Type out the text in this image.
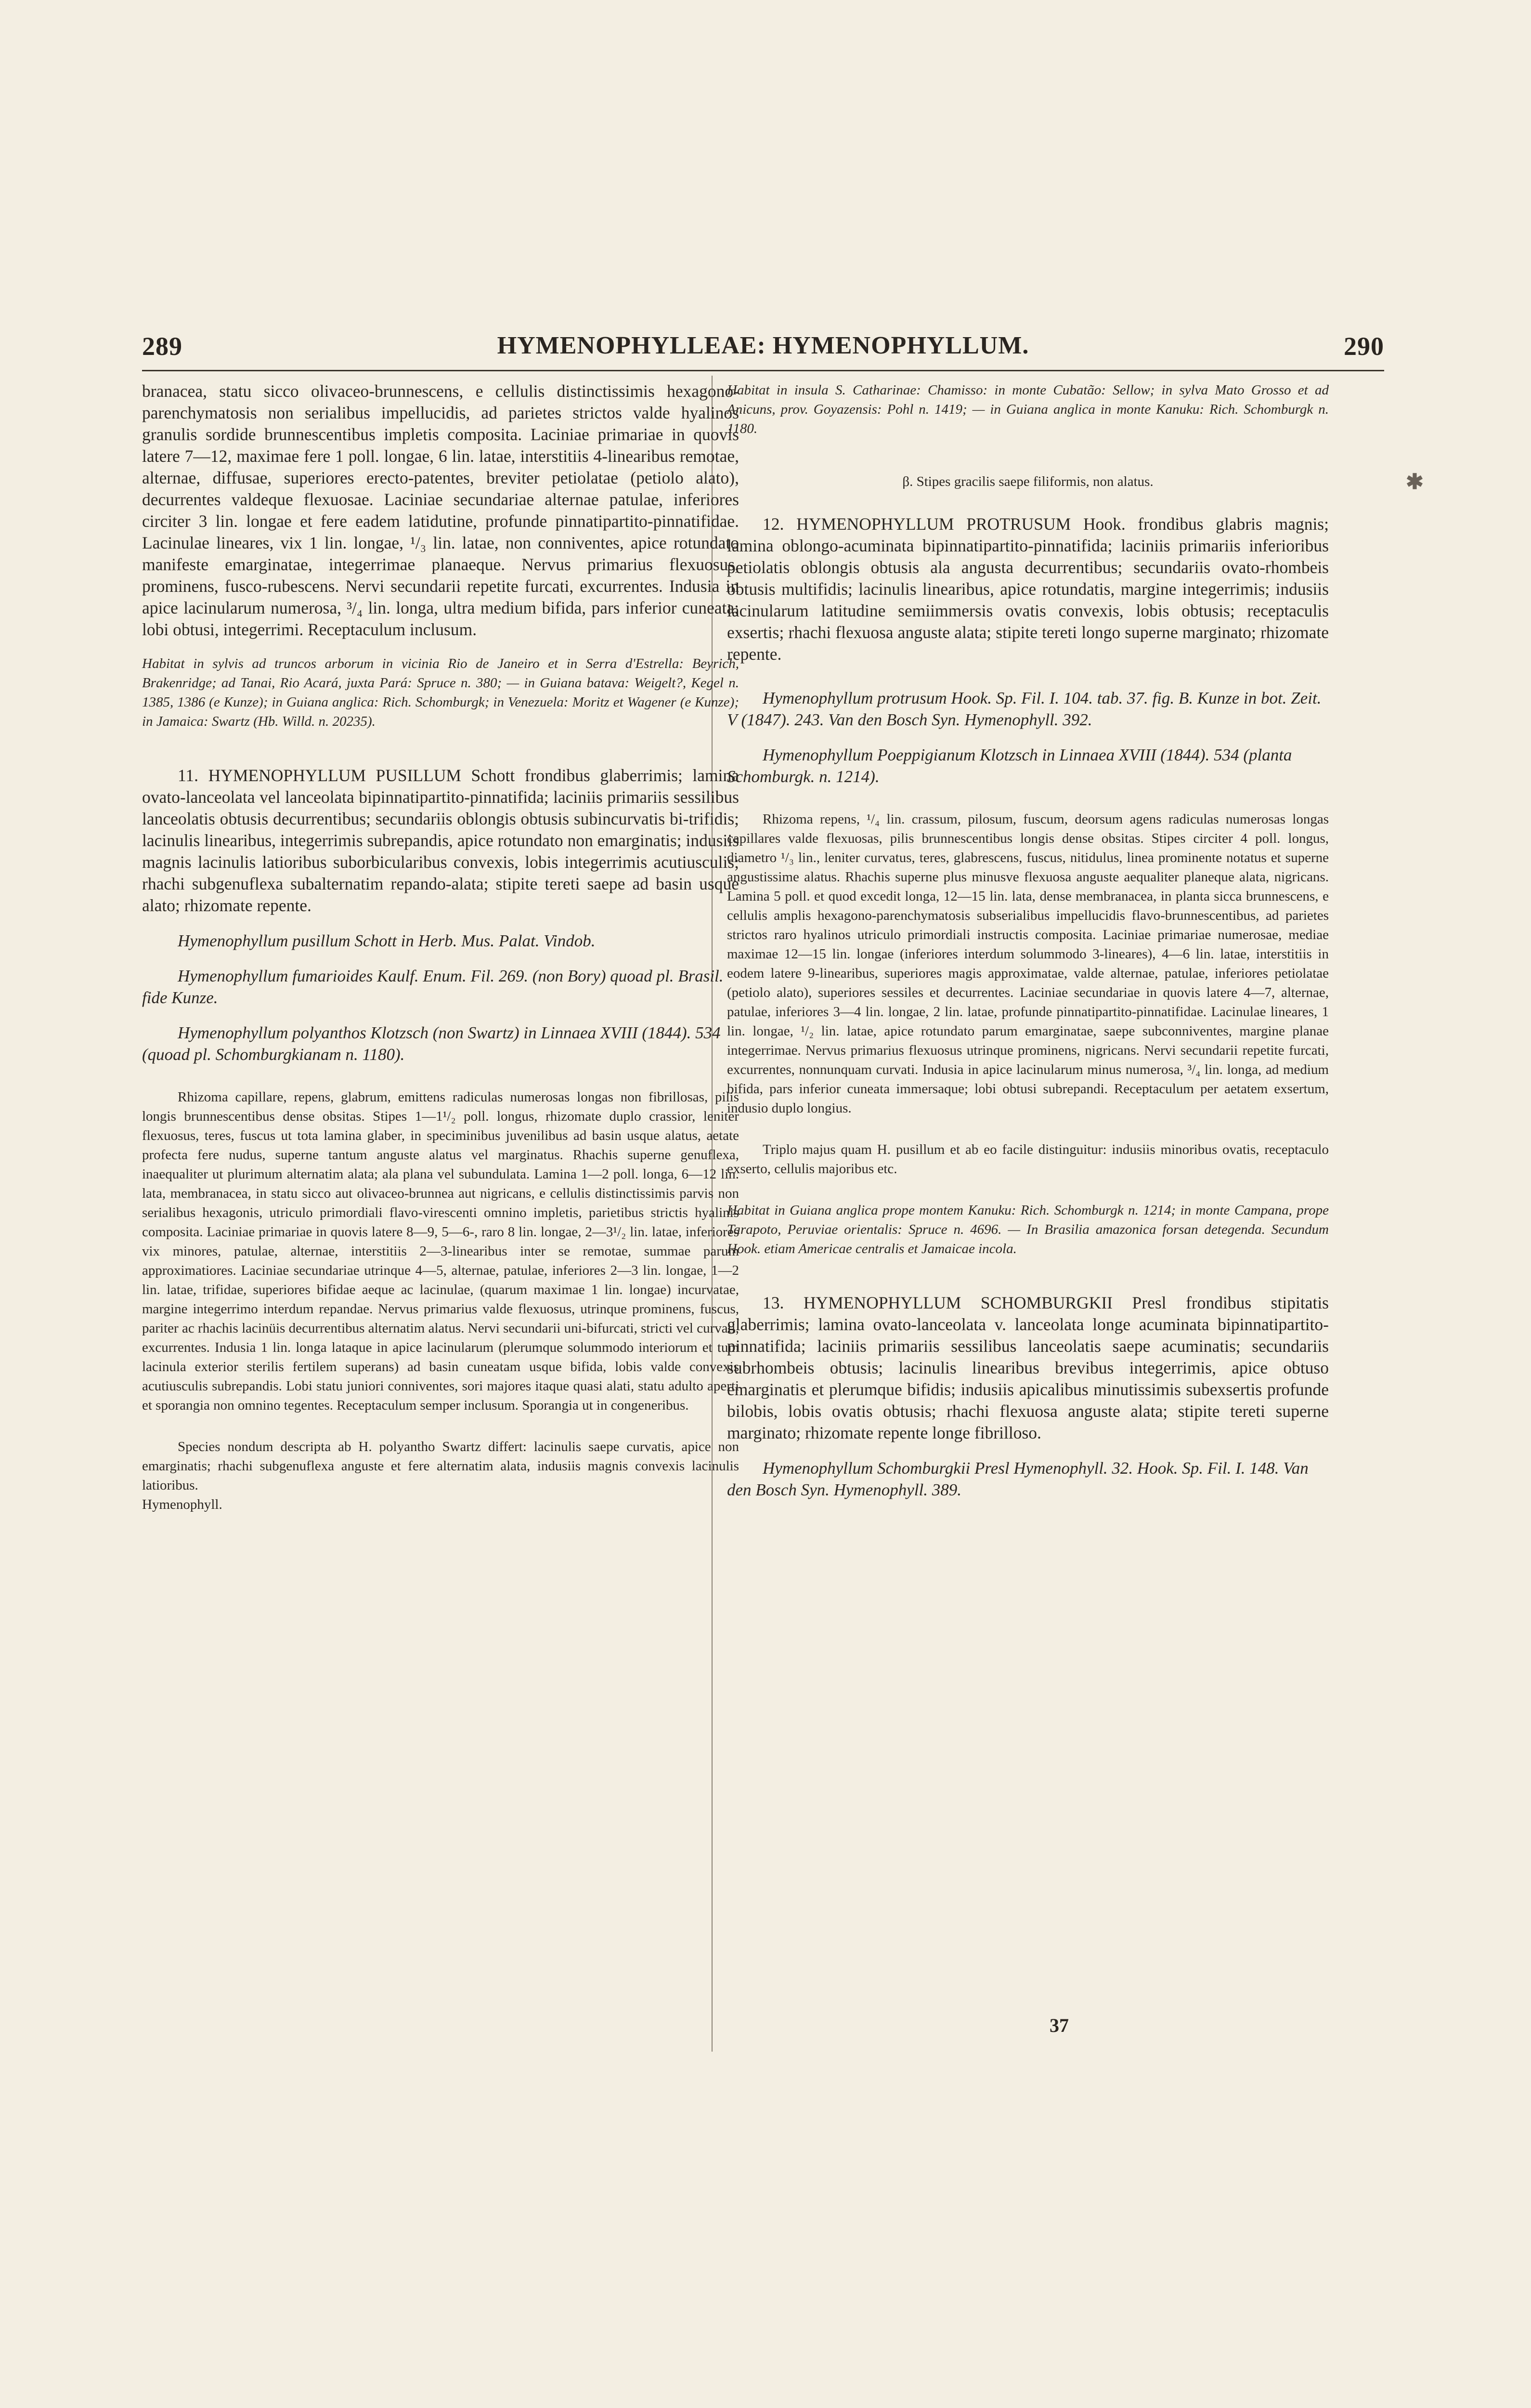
289	HYMENOPHYLLEAE: HYMENOPHYLLUM.	290

branacea, statu sicco olivaceo-brunnescens, e cellulis distinctissimis hexagono-parenchymatosis non serialibus impellucidis, ad parietes strictos valde hyalinos granulis sordide brunnescentibus impletis composita. Laciniae primariae in quovis latere 7—12, maximae fere 1 poll. longae, 6 lin. latae, interstitiis 4-linearibus remotae, alternae, diffusae, superiores erecto-patentes, breviter petiolatae (petiolo alato), decurrentes valdeque flexuosae. Laciniae secundariae alternae patulae, inferiores circiter 3 lin. longae et fere eadem latidutine, profunde pinnatipartito-pinnatifidae. Lacinulae lineares, vix 1 lin. longae, ¹/₃ lin. latae, non conniventes, apice rotundato manifeste emarginatae, integerrimae planaeque. Nervus primarius flexuosus, prominens, fusco-rubescens. Nervi secundarii repetite furcati, excurrentes. Indusia in apice lacinularum numerosa, ³/₄ lin. longa, ultra medium bifida, pars inferior cuneata; lobi obtusi, integerrimi. Receptaculum inclusum.

Habitat in sylvis ad truncos arborum in vicinia Rio de Janeiro et in Serra d'Estrella: Beyrich, Brakenridge; ad Tanai, Rio Acará, juxta Pará: Spruce n. 380; — in Guiana batava: Weigelt?, Kegel n. 1385, 1386 (e Kunze); in Guiana anglica: Rich. Schomburgk; in Venezuela: Moritz et Wagener (e Kunze); in Jamaica: Swartz (Hb. Willd. n. 20235).

11. HYMENOPHYLLUM PUSILLUM Schott frondibus glaberrimis; lamina ovato-lanceolata vel lanceolata bipinnatipartito-pinnatifida; laciniis primariis sessilibus lanceolatis obtusis decurrentibus; secundariis oblongis obtusis subincurvatis bi-trifidis; lacinulis linearibus, integerrimis subrepandis, apice rotundato non emarginatis; indusiis magnis lacinulis latioribus suborbicularibus convexis, lobis integerrimis acutiusculis; rhachi subgenuflexa subalternatim repando-alata; stipite tereti saepe ad basin usque alato; rhizomate repente.

Hymenophyllum pusillum Schott in Herb. Mus. Palat. Vindob.

Hymenophyllum fumarioides Kaulf. Enum. Fil. 269. (non Bory) quoad pl. Brasil. fide Kunze.

Hymenophyllum polyanthos Klotzsch (non Swartz) in Linnaea XVIII (1844). 534 (quoad pl. Schomburgkianam n. 1180).

Rhizoma capillare, repens, glabrum, emittens radiculas numerosas longas non fibrillosas, pilis longis brunnescentibus dense obsitas. Stipes 1—1¹/₂ poll. longus, rhizomate duplo crassior, leniter flexuosus, teres, fuscus ut tota lamina glaber, in speciminibus juvenilibus ad basin usque alatus, aetate profecta fere nudus, superne tantum anguste alatus vel marginatus. Rhachis superne genuflexa, inaequaliter ut plurimum alternatim alata; ala plana vel subundulata. Lamina 1—2 poll. longa, 6—12 lin. lata, membranacea, in statu sicco aut olivaceo-brunnea aut nigricans, e cellulis distinctissimis parvis non serialibus hexagonis, utriculo primordiali flavo-virescenti omnino impletis, parietibus strictis hyalinis composita. Laciniae primariae in quovis latere 8—9, 5—6-, raro 8 lin. longae, 2—3¹/₂ lin. latae, inferiores vix minores, patulae, alternae, interstitiis 2—3-linearibus inter se remotae, summae parum approximatiores. Laciniae secundariae utrinque 4—5, alternae, patulae, inferiores 2—3 lin. longae, 1—2 lin. latae, trifidae, superiores bifidae aeque ac lacinulae, (quarum maximae 1 lin. longae) incurvatae, margine integerrimo interdum repandae. Nervus primarius valde flexuosus, utrinque prominens, fuscus, pariter ac rhachis lacinüis decurrentibus alternatim alatus. Nervi secundarii uni-bifurcati, stricti vel curvati, excurrentes. Indusia 1 lin. longa lataque in apice lacinularum (plerumque solummodo interiorum et tum lacinula exterior sterilis fertilem superans) ad basin cuneatam usque bifida, lobis valde convexis acutiusculis subrepandis. Lobi statu juniori conniventes, sori majores itaque quasi alati, statu adulto aperti et sporangia non omnino tegentes. Receptaculum semper inclusum. Sporangia ut in congeneribus.

Species nondum descripta ab H. polyantho Swartz differt: lacinulis saepe curvatis, apice non emarginatis; rhachi subgenuflexa anguste et fere alternatim alata, indusiis magnis convexis lacinulis latioribus.

Hymenophyll.

Habitat in insula S. Catharinae: Chamisso: in monte Cubatão: Sellow; in sylva Mato Grosso et ad Anicuns, prov. Goyazensis: Pohl n. 1419; — in Guiana anglica in monte Kanuku: Rich. Schomburgk n. 1180.

β. Stipes gracilis saepe filiformis, non alatus.

12. HYMENOPHYLLUM PROTRUSUM Hook. frondibus glabris magnis; lamina oblongo-acuminata bipinnatipartito-pinnatifida; laciniis primariis inferioribus petiolatis oblongis obtusis ala angusta decurrentibus; secundariis ovato-rhombeis obtusis multifidis; lacinulis linearibus, apice rotundatis, margine integerrimis; indusiis lacinularum latitudine semiimmersis ovatis convexis, lobis obtusis; receptaculis exsertis; rhachi flexuosa anguste alata; stipite tereti longo superne marginato; rhizomate repente.

Hymenophyllum protrusum Hook. Sp. Fil. I. 104. tab. 37. fig. B. Kunze in bot. Zeit. V (1847). 243. Van den Bosch Syn. Hymenophyll. 392.

Hymenophyllum Poeppigianum Klotzsch in Linnaea XVIII (1844). 534 (planta Schomburgk. n. 1214).

Rhizoma repens, ¹/₄ lin. crassum, pilosum, fuscum, deorsum agens radiculas numerosas longas capillares valde flexuosas, pilis brunnescentibus longis dense obsitas. Stipes circiter 4 poll. longus, diametro ¹/₃ lin., leniter curvatus, teres, glabrescens, fuscus, nitidulus, linea prominente notatus et superne angustissime alatus. Rhachis superne plus minusve flexuosa anguste aequaliter planeque alata, nigricans. Lamina 5 poll. et quod excedit longa, 12—15 lin. lata, dense membranacea, in planta sicca brunnescens, e cellulis amplis hexagono-parenchymatosis subserialibus impellucidis flavo-brunnescentibus, ad parietes strictos raro hyalinos utriculo primordiali instructis composita. Laciniae primariae numerosae, mediae maximae 12—15 lin. longae (inferiores interdum solummodo 3-lineares), 4—6 lin. latae, interstitiis in eodem latere 9-linearibus, superiores magis approximatae, valde alternae, patulae, inferiores petiolatae (petiolo alato), superiores sessiles et decurrentes. Laciniae secundariae in quovis latere 4—7, alternae, patulae, inferiores 3—4 lin. longae, 2 lin. latae, profunde pinnatipartito-pinnatifidae. Lacinulae lineares, 1 lin. longae, ¹/₂ lin. latae, apice rotundato parum emarginatae, saepe subconniventes, margine planae integerrimae. Nervus primarius flexuosus utrinque prominens, nigricans. Nervi secundarii repetite furcati, excurrentes, nonnunquam curvati. Indusia in apice lacinularum minus numerosa, ³/₄ lin. longa, ad medium bifida, pars inferior cuneata immersaque; lobi obtusi subrepandi. Receptaculum per aetatem exsertum, indusio duplo longius.

Triplo majus quam H. pusillum et ab eo facile distinguitur: indusiis minoribus ovatis, receptaculo exserto, cellulis majoribus etc.

Habitat in Guiana anglica prope montem Kanuku: Rich. Schomburgk n. 1214; in monte Campana, prope Tarapoto, Peruviae orientalis: Spruce n. 4696. — In Brasilia amazonica forsan detegenda. Secundum Hook. etiam Americae centralis et Jamaicae incola.

13. HYMENOPHYLLUM SCHOMBURGKII Presl frondibus stipitatis glaberrimis; lamina ovato-lanceolata v. lanceolata longe acuminata bipinnatipartito-pinnatifida; laciniis primariis sessilibus lanceolatis saepe acuminatis; secundariis subrhombeis obtusis; lacinulis linearibus brevibus integerrimis, apice obtuso emarginatis et plerumque bifidis; indusiis apicalibus minutissimis subexsertis profunde bilobis, lobis ovatis obtusis; rhachi flexuosa anguste alata; stipite tereti superne marginato; rhizomate repente longe fibrilloso.

Hymenophyllum Schomburgkii Presl Hymenophyll. 32. Hook. Sp. Fil. I. 148. Van den Bosch Syn. Hymenophyll. 389.

37
✱
